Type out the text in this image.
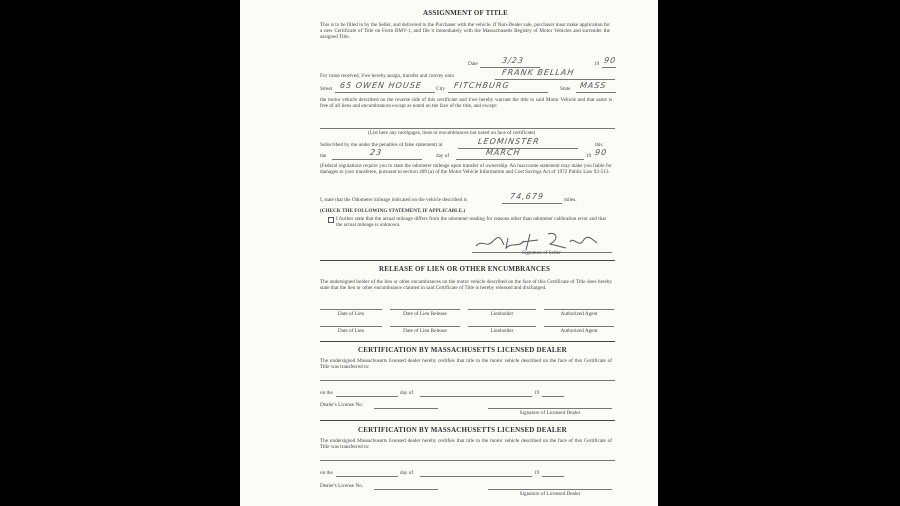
ASSIGNMENT OF TITLE
This is to be filled in by the Seller, and delivered to the Purchaser with the vehicle. If Non-Dealer sale, purchaser must make application for a new Certificate of Title on Form RMV-1, and file it immediately with the Massachusetts Registry of Motor Vehicles and surrender the assigned Title.
Date	3/23	19 90
For value received, I/we hereby assign, transfer and convey unto	FRANK BELLAH
Street 65 OWEN HOUSE	City FITCHBURG	State MASS
the motor vehicle described on the reverse side of this certificate and I/we hereby warrant the title to said Motor Vehicle and that same is free of all liens and encumbrances except as noted on the face of the title, and except:
(List here any mortgages, liens or encumbrances not noted on face of certificate)
Subscribed by me under the penalties of false statement) at	LEOMINSTER	this
the	23	day of	MARCH	19 90
(Federal regulations require you to state the odometer mileage upon transfer of ownership. An inaccurate statement may make you liable for damages to your transferee, pursuant to section 409 (a) of the Motor Vehicle Information and Cost Savings Act of 1972 Public Law 92-513.
I, state that the Odometer mileage indicated on the vehicle described is	74,679	miles.
(CHECK THE FOLLOWING STATEMENT, IF APPLICABLE.)
I further state that the actual mileage differs from the odometer reading for reasons other than odometer calibration error and that the actual mileage is unknown.
Signature of Seller
RELEASE OF LIEN OR OTHER ENCUMBRANCES
The undersigned holder of the lien or other encumbrances on the motor vehicle described on the face of this Certificate of Title does hereby state that the lien or other encumbrance claimed in said Certificate of Title is hereby released and discharged.
Date of Lien	Date of Lien Release	Lienholder	Authorized Agent
Date of Lien	Date of Lien Release	Lienholder	Authorized Agent
CERTIFICATION BY MASSACHUSETTS LICENSED DEALER
The undersigned Massachusetts licensed dealer hereby certifies that title to the motor vehicle described on the face of this Certificate of Title was transferred to:
on the	day of	19
Dealer's License No.
Signature of Licensed Dealer
CERTIFICATION BY MASSACHUSETTS LICENSED DEALER
The undersigned Massachusetts licensed dealer hereby certifies that title to the motor vehicle described on the face of this Certificate of Title was transferred to:
on the	day of	19
Dealer's License No.
Signature of Licensed Dealer
